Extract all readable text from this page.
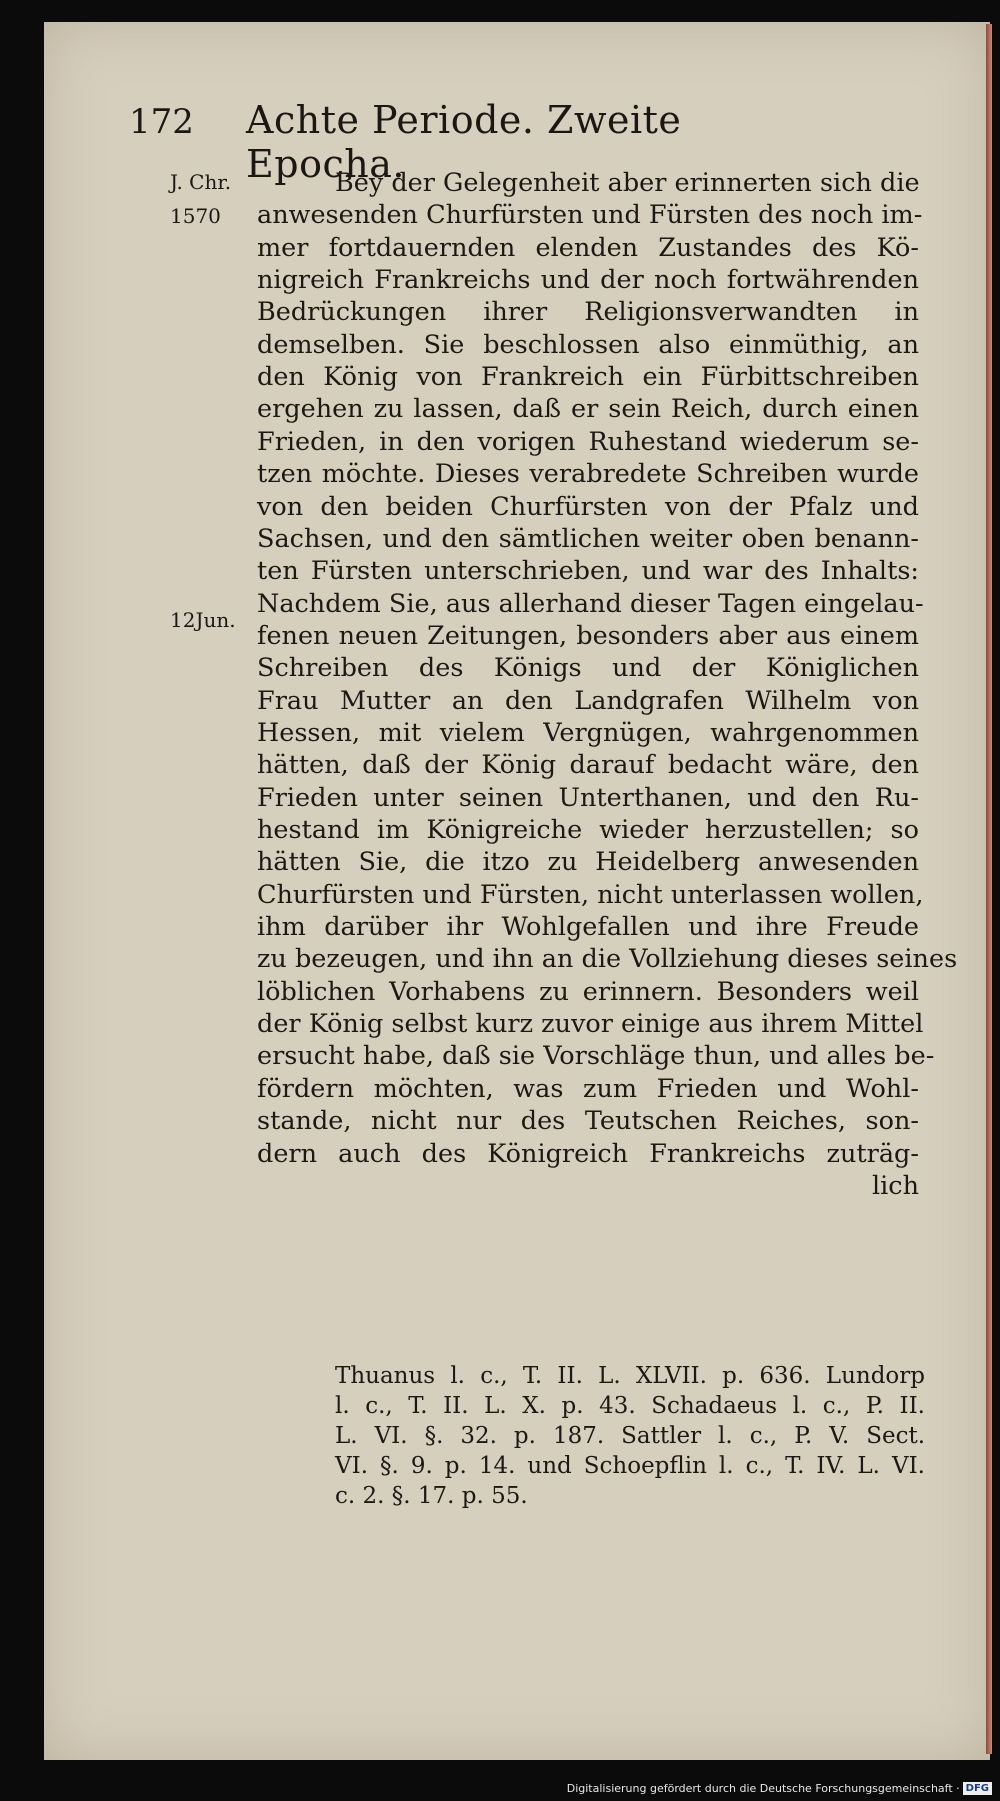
172 Achte Periode. Zweite Epocha.
J. Chr.
1570
12Jun.
Bey der Gelegenheit aber erinnerten sich die
anwesenden Churfürsten und Fürsten des noch im-
mer fortdauernden elenden Zustandes des Kö-
nigreich Frankreichs und der noch fortwährenden
Bedrückungen ihrer Religionsverwandten in
demselben. Sie beschlossen also einmüthig, an
den König von Frankreich ein Fürbittschreiben
ergehen zu lassen, daß er sein Reich, durch einen
Frieden, in den vorigen Ruhestand wiederum se-
tzen möchte. Dieses verabredete Schreiben wurde
von den beiden Churfürsten von der Pfalz und
Sachsen, und den sämtlichen weiter oben benann-
ten Fürsten unterschrieben, und war des Inhalts:
Nachdem Sie, aus allerhand dieser Tagen eingelau-
fenen neuen Zeitungen, besonders aber aus einem
Schreiben des Königs und der Königlichen
Frau Mutter an den Landgrafen Wilhelm von
Hessen, mit vielem Vergnügen, wahrgenommen
hätten, daß der König darauf bedacht wäre, den
Frieden unter seinen Unterthanen, und den Ru-
hestand im Königreiche wieder herzustellen; so
hätten Sie, die itzo zu Heidelberg anwesenden
Churfürsten und Fürsten, nicht unterlassen wollen,
ihm darüber ihr Wohlgefallen und ihre Freude
zu bezeugen, und ihn an die Vollziehung dieses seines
löblichen Vorhabens zu erinnern. Besonders weil
der König selbst kurz zuvor einige aus ihrem Mittel
ersucht habe, daß sie Vorschläge thun, und alles be-
fördern möchten, was zum Frieden und Wohl-
stande, nicht nur des Teutschen Reiches, son-
dern auch des Königreich Frankreichs zuträg-
lich
Thuanus l. c., T. II. L. XLVII. p. 636. Lundorp
l. c., T. II. L. X. p. 43. Schadaeus l. c., P. II.
L. VI. §. 32. p. 187. Sattler l. c., P. V. Sect.
VI. §. 9. p. 14. und Schoepflin l. c., T. IV. L. VI.
c. 2. §. 17. p. 55.
Digitalisierung gefördert durch die Deutsche Forschungsgemeinschaft · DFG
